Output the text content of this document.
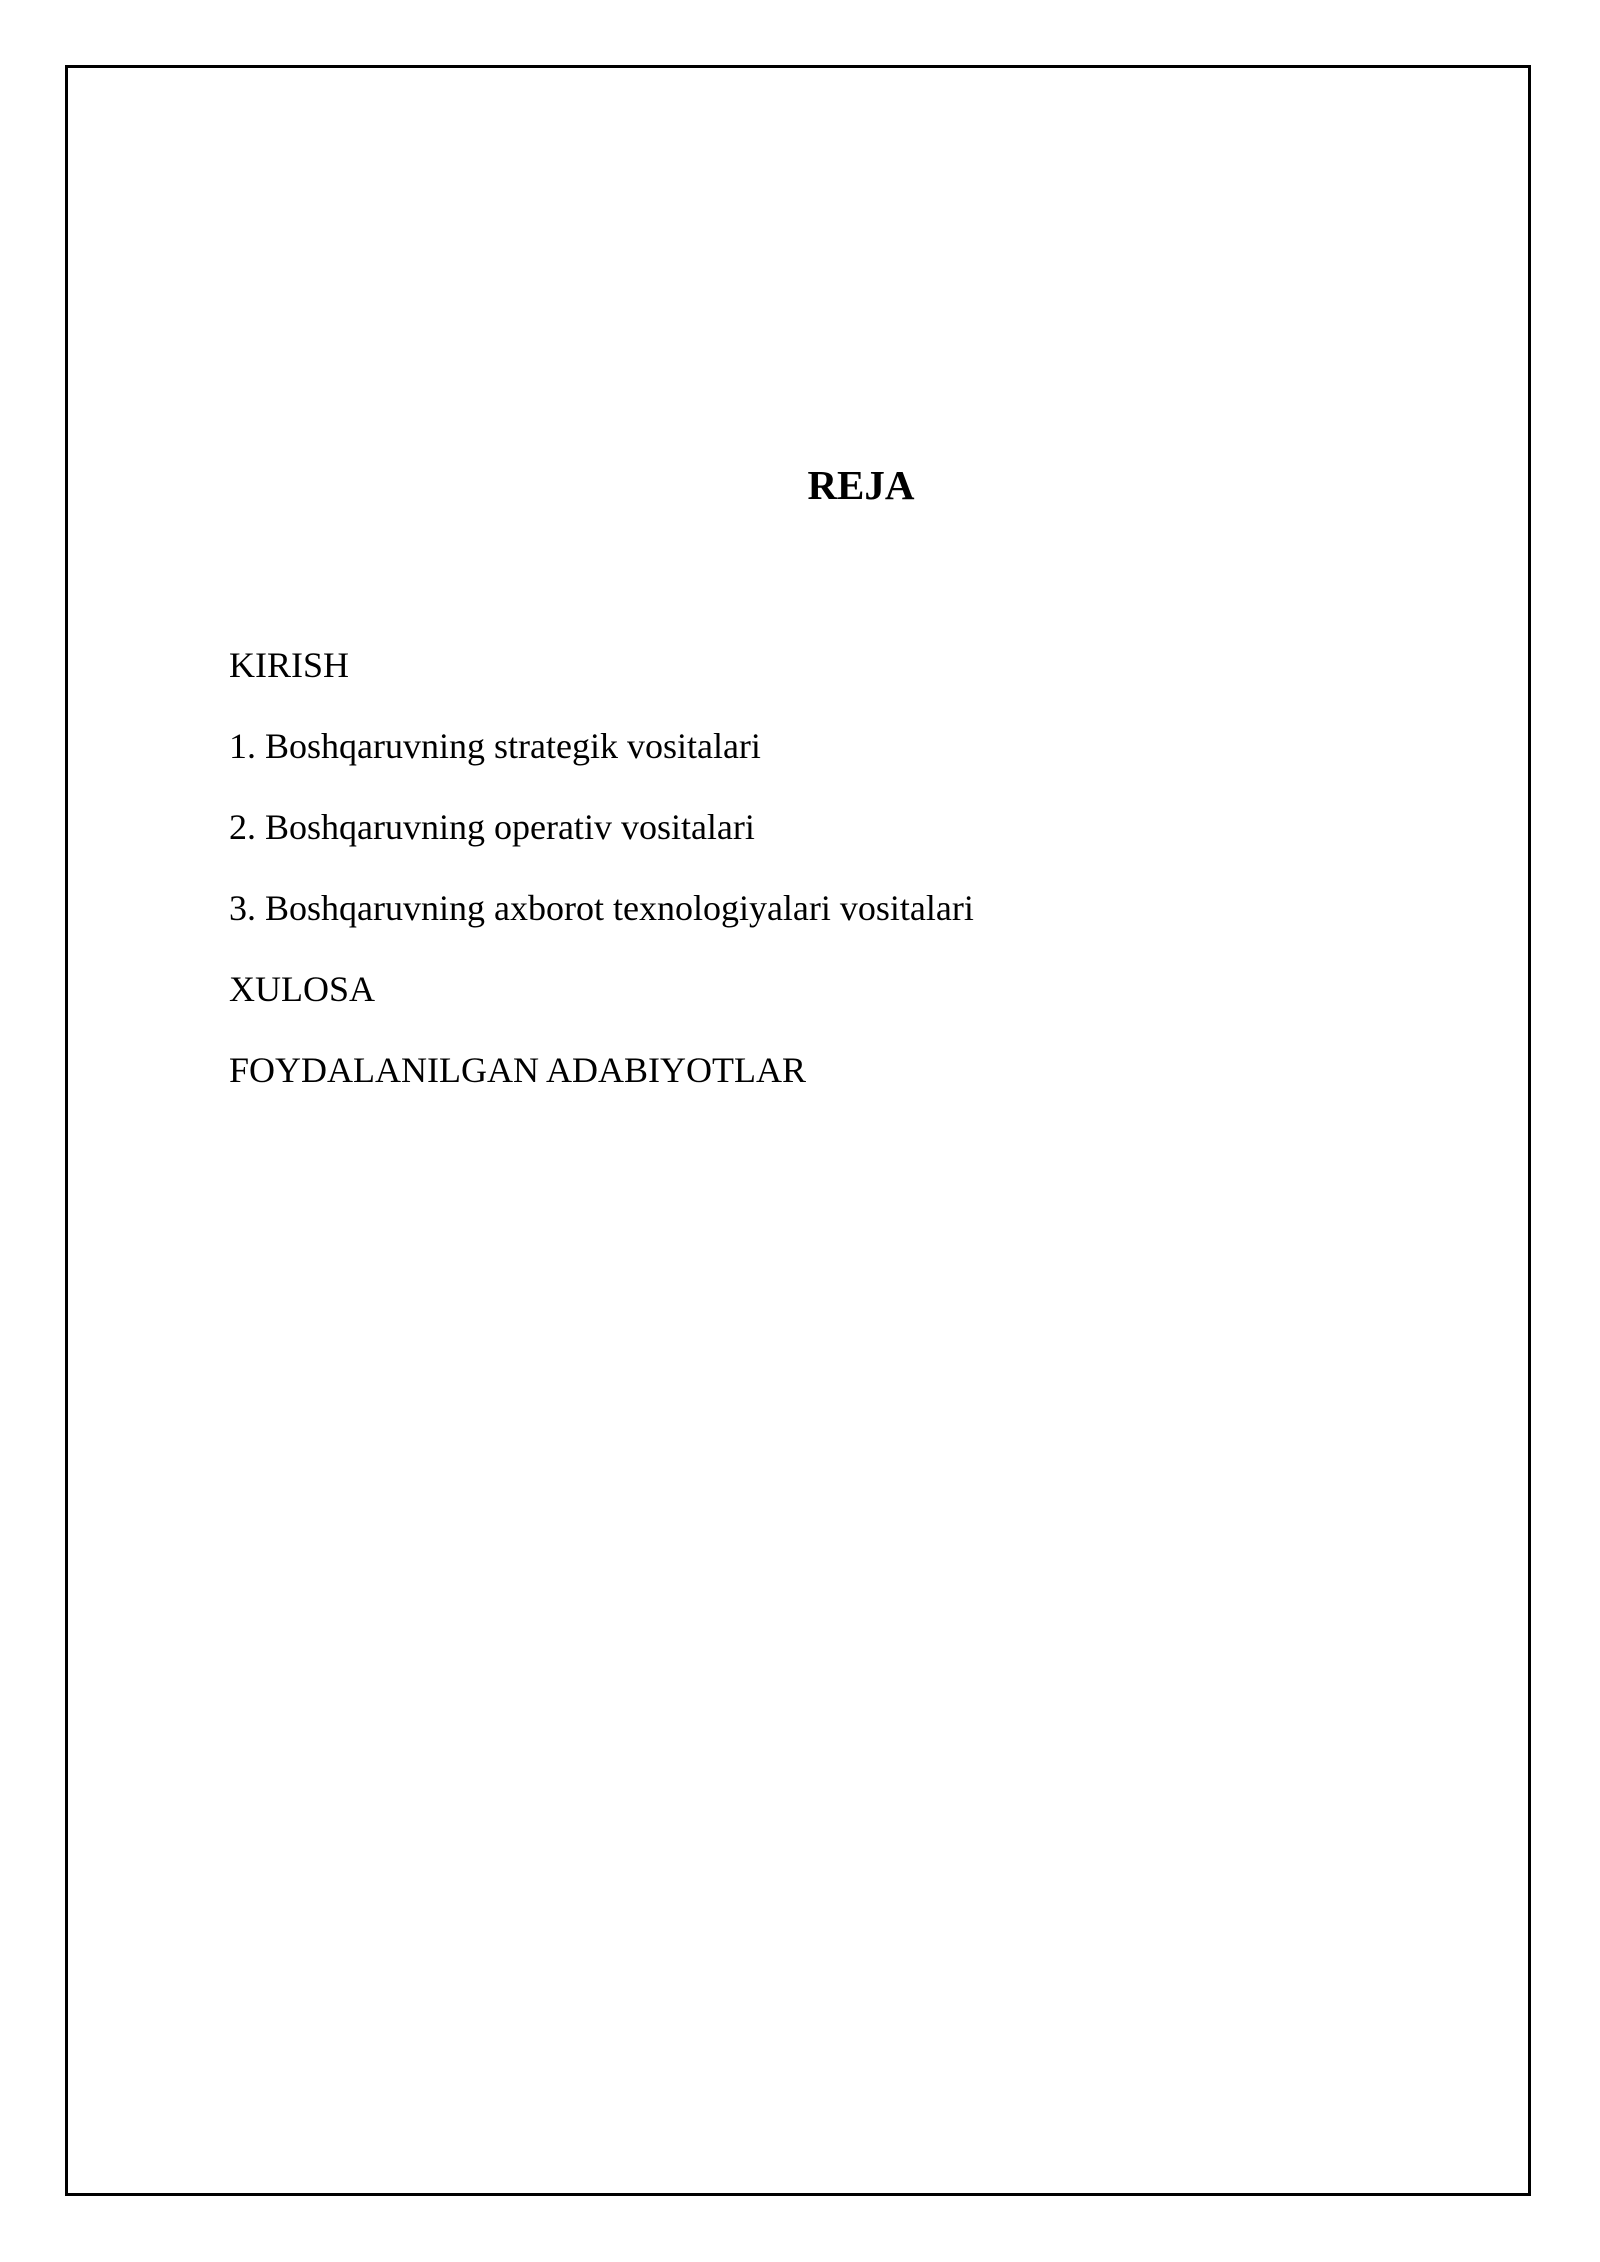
REJA
KIRISH
1. Boshqaruvning strategik vositalari
2. Boshqaruvning operativ vositalari
3. Boshqaruvning axborot texnologiyalari vositalari
XULOSA
FOYDALANILGAN ADABIYOTLAR
